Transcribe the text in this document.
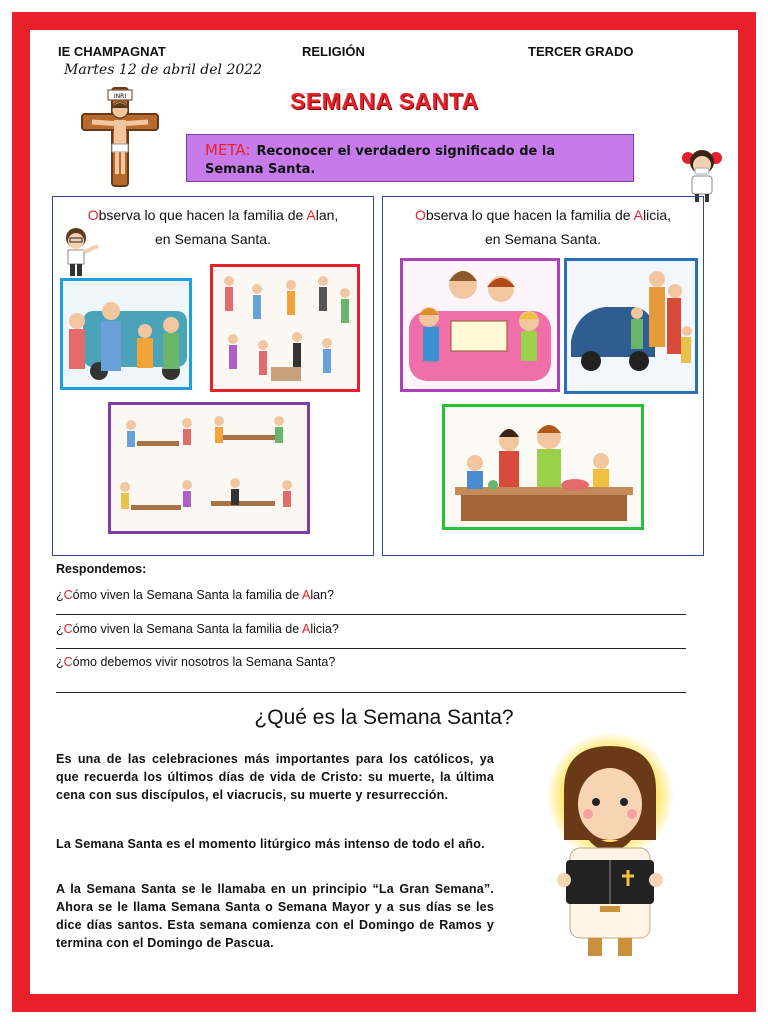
IE CHAMPAGNAT	RELIGIÓN	TERCER GRADO
Martes 12 de abril del 2022
INRI	SEMANA SANTA
META: Reconocer el verdadero significado de la Semana Santa.
Observa lo que hacen la familia de Alan,
en Semana Santa.
Observa lo que hacen la familia de Alicia,
en Semana Santa.
Respondemos:
¿Cómo viven la Semana Santa la familia de Alan?
¿Cómo viven la Semana Santa la familia de Alicia?
¿Cómo debemos vivir nosotros la Semana Santa?
¿Qué es la Semana Santa?
Es una de las celebraciones más importantes para los católicos, ya que recuerda los últimos días de vida de Cristo: su muerte, la última cena con sus discípulos, el viacrucis, su muerte y resurrección.
La Semana Santa es el momento litúrgico más intenso de todo el año.
A la Semana Santa se le llamaba en un principio “La Gran Semana”. Ahora se le llama Semana Santa o Semana Mayor y a sus días se les dice días santos. Esta semana comienza con el Domingo de Ramos y termina con el Domingo de Pascua.
